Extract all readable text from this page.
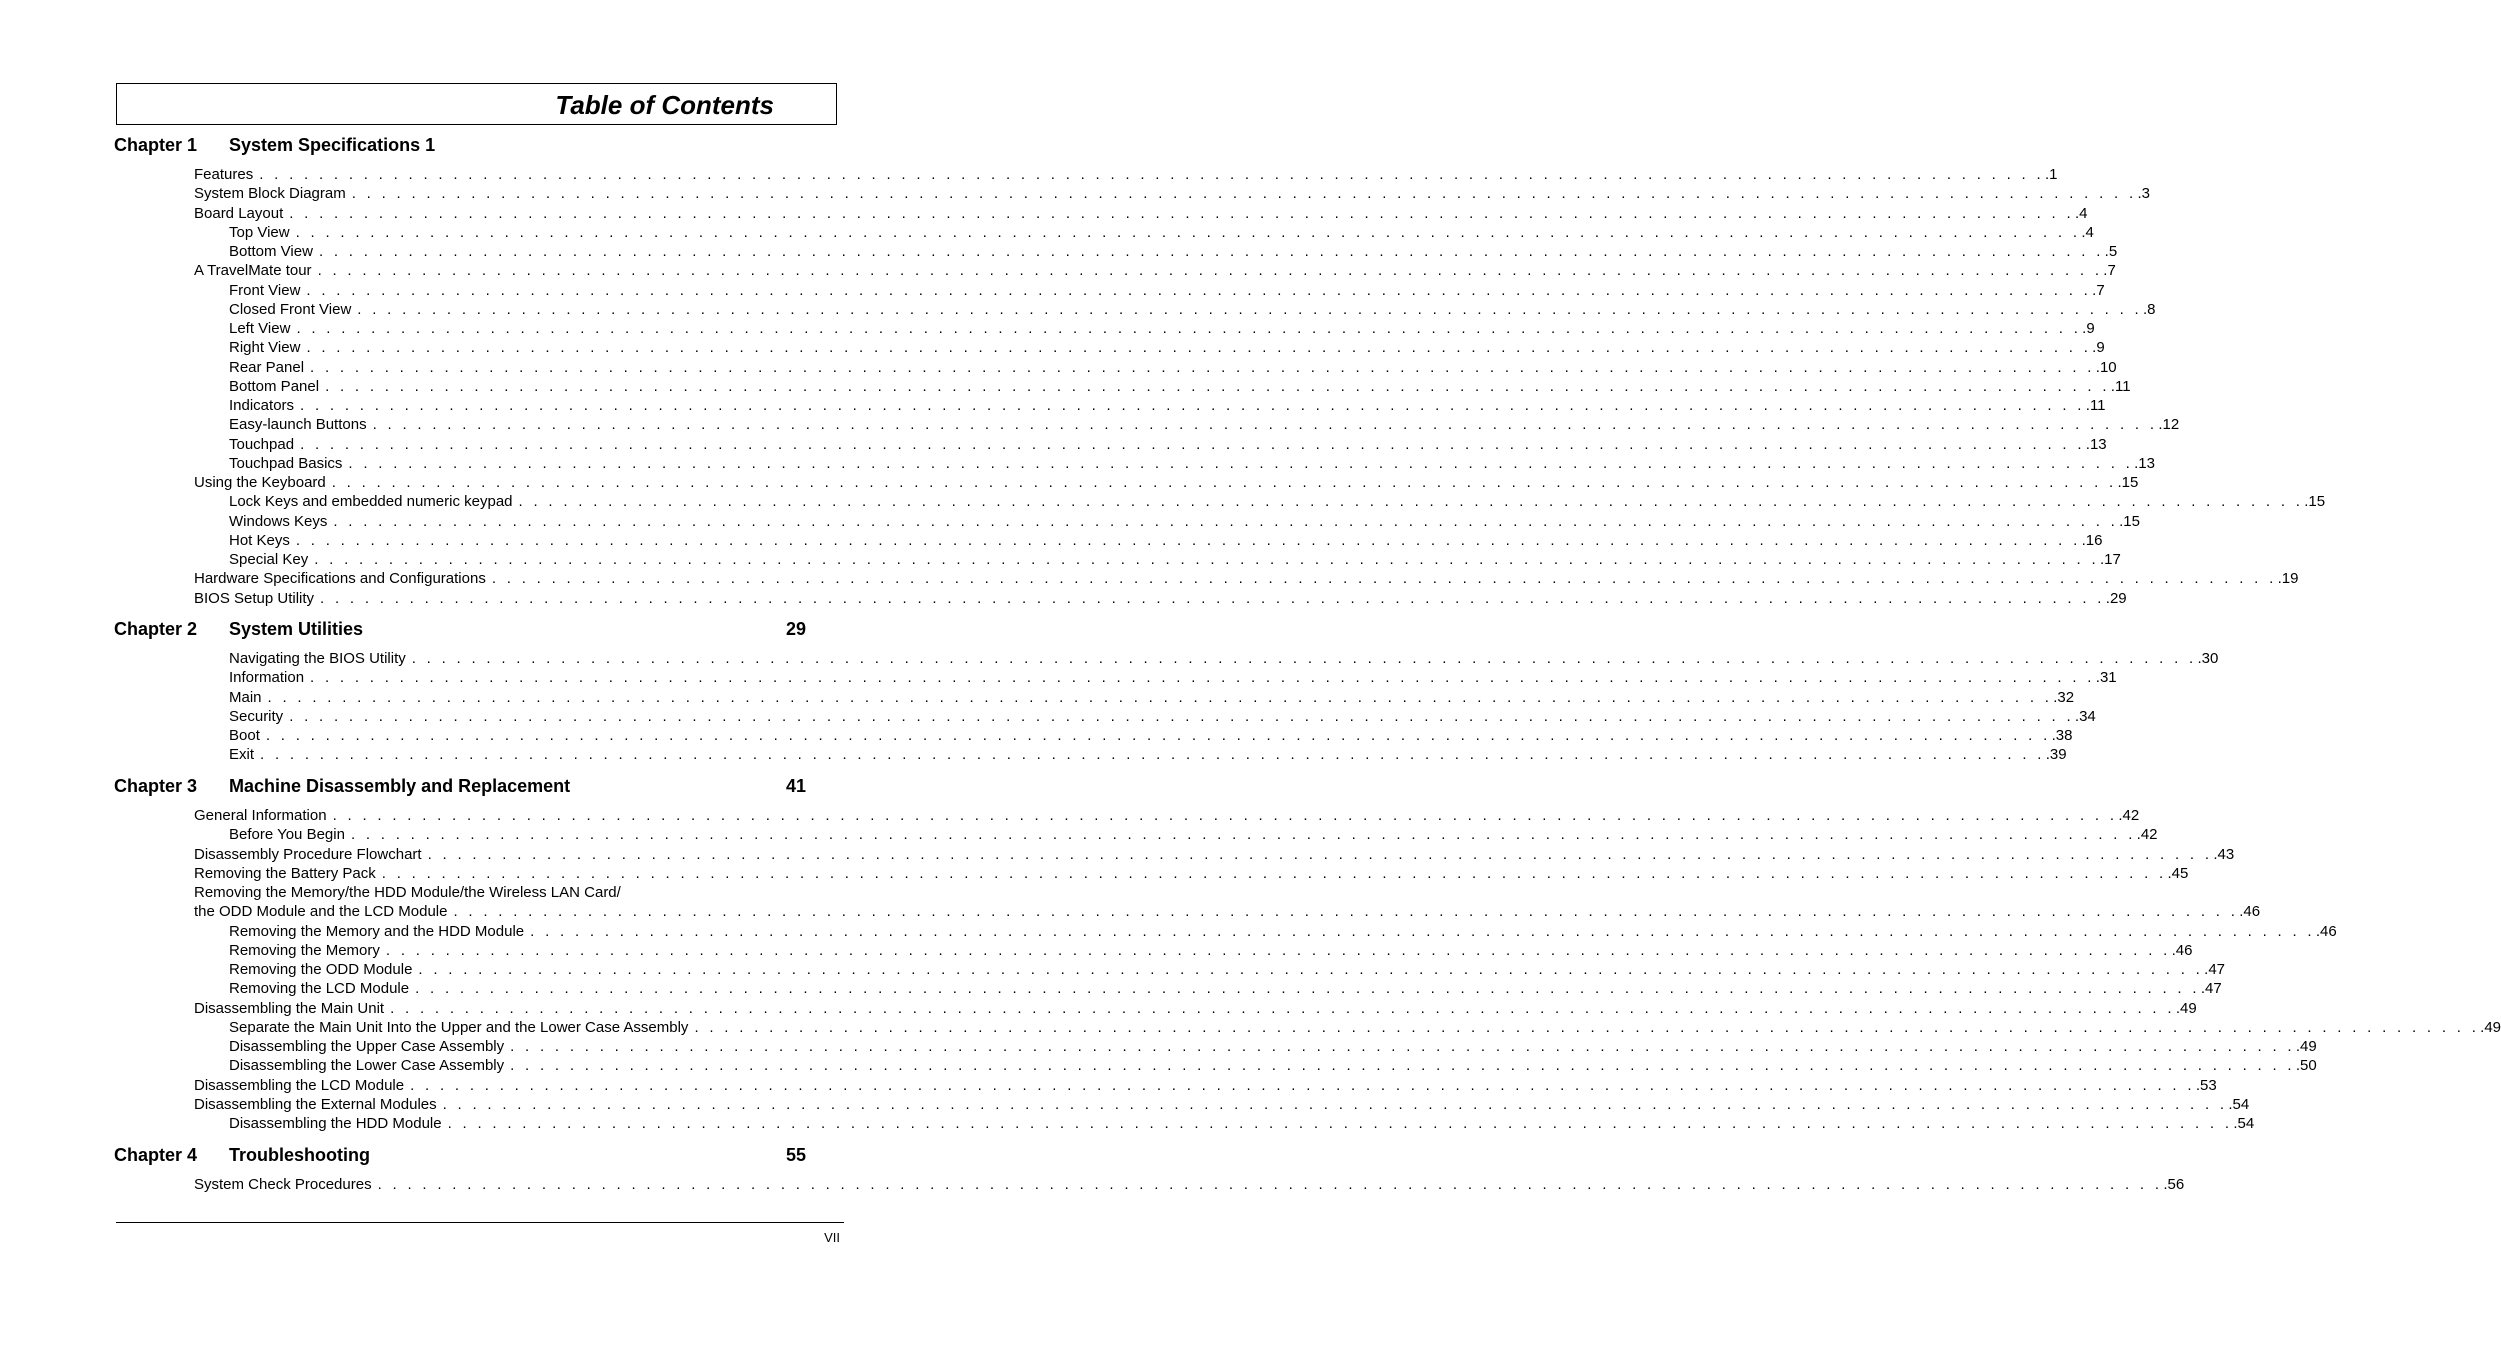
Table of Contents
Chapter 1 System Specifications 1
Features . . . . . . . . . . . . . . . . . . . . . . . . . . . . . . . . . . . . . . . . . . . . . . . . . . . . . . . . . . . . . . . . . . . . . . . . . . . . . . . . . . . . . . . . . . . . . . . . . . . . . . . . . . . . . . . . . . . . . . . . .1
System Block Diagram . . . . . . . . . . . . . . . . . . . . . . . . . . . . . . . . . . . . . . . . . . . . . . . . . . . . . . . . . . . . . . . . . . . . . . . . . . . . . . . . . . . . . . . . . . . . . . . . . . . . . . . . . . . . . . . . . . . . . . . . .3
Board Layout . . . . . . . . . . . . . . . . . . . . . . . . . . . . . . . . . . . . . . . . . . . . . . . . . . . . . . . . . . . . . . . . . . . . . . . . . . . . . . . . . . . . . . . . . . . . . . . . . . . . . . . . . . . . . . . . . . . . . . . . .4
Top View . . . . . . . . . . . . . . . . . . . . . . . . . . . . . . . . . . . . . . . . . . . . . . . . . . . . . . . . . . . . . . . . . . . . . . . . . . . . . . . . . . . . . . . . . . . . . . . . . . . . . . . . . . . . . . . . . . . . . . . . .4
Bottom View . . . . . . . . . . . . . . . . . . . . . . . . . . . . . . . . . . . . . . . . . . . . . . . . . . . . . . . . . . . . . . . . . . . . . . . . . . . . . . . . . . . . . . . . . . . . . . . . . . . . . . . . . . . . . . . . . . . . . . . . .5
A TravelMate tour . . . . . . . . . . . . . . . . . . . . . . . . . . . . . . . . . . . . . . . . . . . . . . . . . . . . . . . . . . . . . . . . . . . . . . . . . . . . . . . . . . . . . . . . . . . . . . . . . . . . . . . . . . . . . . . . . . . . . . . . .7
Front View . . . . . . . . . . . . . . . . . . . . . . . . . . . . . . . . . . . . . . . . . . . . . . . . . . . . . . . . . . . . . . . . . . . . . . . . . . . . . . . . . . . . . . . . . . . . . . . . . . . . . . . . . . . . . . . . . . . . . . . . .7
Closed Front View . . . . . . . . . . . . . . . . . . . . . . . . . . . . . . . . . . . . . . . . . . . . . . . . . . . . . . . . . . . . . . . . . . . . . . . . . . . . . . . . . . . . . . . . . . . . . . . . . . . . . . . . . . . . . . . . . . . . . . . . .8
Left View . . . . . . . . . . . . . . . . . . . . . . . . . . . . . . . . . . . . . . . . . . . . . . . . . . . . . . . . . . . . . . . . . . . . . . . . . . . . . . . . . . . . . . . . . . . . . . . . . . . . . . . . . . . . . . . . . . . . . . . . .9
Right View . . . . . . . . . . . . . . . . . . . . . . . . . . . . . . . . . . . . . . . . . . . . . . . . . . . . . . . . . . . . . . . . . . . . . . . . . . . . . . . . . . . . . . . . . . . . . . . . . . . . . . . . . . . . . . . . . . . . . . . . .9
Rear Panel . . . . . . . . . . . . . . . . . . . . . . . . . . . . . . . . . . . . . . . . . . . . . . . . . . . . . . . . . . . . . . . . . . . . . . . . . . . . . . . . . . . . . . . . . . . . . . . . . . . . . . . . . . . . . . . . . . . . . . . . .10
Bottom Panel . . . . . . . . . . . . . . . . . . . . . . . . . . . . . . . . . . . . . . . . . . . . . . . . . . . . . . . . . . . . . . . . . . . . . . . . . . . . . . . . . . . . . . . . . . . . . . . . . . . . . . . . . . . . . . . . . . . . . . . . .11
Indicators . . . . . . . . . . . . . . . . . . . . . . . . . . . . . . . . . . . . . . . . . . . . . . . . . . . . . . . . . . . . . . . . . . . . . . . . . . . . . . . . . . . . . . . . . . . . . . . . . . . . . . . . . . . . . . . . . . . . . . . . .11
Easy-launch Buttons . . . . . . . . . . . . . . . . . . . . . . . . . . . . . . . . . . . . . . . . . . . . . . . . . . . . . . . . . . . . . . . . . . . . . . . . . . . . . . . . . . . . . . . . . . . . . . . . . . . . . . . . . . . . . . . . . . . . . . . . .12
Touchpad . . . . . . . . . . . . . . . . . . . . . . . . . . . . . . . . . . . . . . . . . . . . . . . . . . . . . . . . . . . . . . . . . . . . . . . . . . . . . . . . . . . . . . . . . . . . . . . . . . . . . . . . . . . . . . . . . . . . . . . . .13
Touchpad Basics . . . . . . . . . . . . . . . . . . . . . . . . . . . . . . . . . . . . . . . . . . . . . . . . . . . . . . . . . . . . . . . . . . . . . . . . . . . . . . . . . . . . . . . . . . . . . . . . . . . . . . . . . . . . . . . . . . . . . . . . .13
Using the Keyboard . . . . . . . . . . . . . . . . . . . . . . . . . . . . . . . . . . . . . . . . . . . . . . . . . . . . . . . . . . . . . . . . . . . . . . . . . . . . . . . . . . . . . . . . . . . . . . . . . . . . . . . . . . . . . . . . . . . . . . . . .15
Lock Keys and embedded numeric keypad . . . . . . . . . . . . . . . . . . . . . . . . . . . . . . . . . . . . . . . . . . . . . . . . . . . . . . . . . . . . . . . . . . . . . . . . . . . . . . . . . . . . . . . . . . . . . . . . . . . . . . . . . . . . . . . . . . . . . . . . .15
Windows Keys . . . . . . . . . . . . . . . . . . . . . . . . . . . . . . . . . . . . . . . . . . . . . . . . . . . . . . . . . . . . . . . . . . . . . . . . . . . . . . . . . . . . . . . . . . . . . . . . . . . . . . . . . . . . . . . . . . . . . . . . .15
Hot Keys . . . . . . . . . . . . . . . . . . . . . . . . . . . . . . . . . . . . . . . . . . . . . . . . . . . . . . . . . . . . . . . . . . . . . . . . . . . . . . . . . . . . . . . . . . . . . . . . . . . . . . . . . . . . . . . . . . . . . . . . .16
Special Key . . . . . . . . . . . . . . . . . . . . . . . . . . . . . . . . . . . . . . . . . . . . . . . . . . . . . . . . . . . . . . . . . . . . . . . . . . . . . . . . . . . . . . . . . . . . . . . . . . . . . . . . . . . . . . . . . . . . . . . . .17
Hardware Specifications and Configurations . . . . . . . . . . . . . . . . . . . . . . . . . . . . . . . . . . . . . . . . . . . . . . . . . . . . . . . . . . . . . . . . . . . . . . . . . . . . . . . . . . . . . . . . . . . . . . . . . . . . . . . . . . . . . . . . . . . . . . . . .19
BIOS Setup Utility . . . . . . . . . . . . . . . . . . . . . . . . . . . . . . . . . . . . . . . . . . . . . . . . . . . . . . . . . . . . . . . . . . . . . . . . . . . . . . . . . . . . . . . . . . . . . . . . . . . . . . . . . . . . . . . . . . . . . . . . .29
Chapter 2 System Utilities	29
Navigating the BIOS Utility . . . . . . . . . . . . . . . . . . . . . . . . . . . . . . . . . . . . . . . . . . . . . . . . . . . . . . . . . . . . . . . . . . . . . . . . . . . . . . . . . . . . . . . . . . . . . . . . . . . . . . . . . . . . . . . . . . . . . . . . .30
Information . . . . . . . . . . . . . . . . . . . . . . . . . . . . . . . . . . . . . . . . . . . . . . . . . . . . . . . . . . . . . . . . . . . . . . . . . . . . . . . . . . . . . . . . . . . . . . . . . . . . . . . . . . . . . . . . . . . . . . . . .31
Main . . . . . . . . . . . . . . . . . . . . . . . . . . . . . . . . . . . . . . . . . . . . . . . . . . . . . . . . . . . . . . . . . . . . . . . . . . . . . . . . . . . . . . . . . . . . . . . . . . . . . . . . . . . . . . . . . . . . . . . . .32
Security . . . . . . . . . . . . . . . . . . . . . . . . . . . . . . . . . . . . . . . . . . . . . . . . . . . . . . . . . . . . . . . . . . . . . . . . . . . . . . . . . . . . . . . . . . . . . . . . . . . . . . . . . . . . . . . . . . . . . . . . .34
Boot . . . . . . . . . . . . . . . . . . . . . . . . . . . . . . . . . . . . . . . . . . . . . . . . . . . . . . . . . . . . . . . . . . . . . . . . . . . . . . . . . . . . . . . . . . . . . . . . . . . . . . . . . . . . . . . . . . . . . . . . .38
Exit . . . . . . . . . . . . . . . . . . . . . . . . . . . . . . . . . . . . . . . . . . . . . . . . . . . . . . . . . . . . . . . . . . . . . . . . . . . . . . . . . . . . . . . . . . . . . . . . . . . . . . . . . . . . . . . . . . . . . . . . .39
Chapter 3 Machine Disassembly and Replacement	41
General Information . . . . . . . . . . . . . . . . . . . . . . . . . . . . . . . . . . . . . . . . . . . . . . . . . . . . . . . . . . . . . . . . . . . . . . . . . . . . . . . . . . . . . . . . . . . . . . . . . . . . . . . . . . . . . . . . . . . . . . . . .42
Before You Begin . . . . . . . . . . . . . . . . . . . . . . . . . . . . . . . . . . . . . . . . . . . . . . . . . . . . . . . . . . . . . . . . . . . . . . . . . . . . . . . . . . . . . . . . . . . . . . . . . . . . . . . . . . . . . . . . . . . . . . . . .42
Disassembly Procedure Flowchart . . . . . . . . . . . . . . . . . . . . . . . . . . . . . . . . . . . . . . . . . . . . . . . . . . . . . . . . . . . . . . . . . . . . . . . . . . . . . . . . . . . . . . . . . . . . . . . . . . . . . . . . . . . . . . . . . . . . . . . . .43
Removing the Battery Pack . . . . . . . . . . . . . . . . . . . . . . . . . . . . . . . . . . . . . . . . . . . . . . . . . . . . . . . . . . . . . . . . . . . . . . . . . . . . . . . . . . . . . . . . . . . . . . . . . . . . . . . . . . . . . . . . . . . . . . . . .45
Removing the Memory/the HDD Module/the Wireless LAN Card/
the ODD Module and the LCD Module . . . . . . . . . . . . . . . . . . . . . . . . . . . . . . . . . . . . . . . . . . . . . . . . . . . . . . . . . . . . . . . . . . . . . . . . . . . . . . . . . . . . . . . . . . . . . . . . . . . . . . . . . . . . . . . . . . . . . . . . .46
Removing the Memory and the HDD Module . . . . . . . . . . . . . . . . . . . . . . . . . . . . . . . . . . . . . . . . . . . . . . . . . . . . . . . . . . . . . . . . . . . . . . . . . . . . . . . . . . . . . . . . . . . . . . . . . . . . . . . . . . . . . . . . . . . . . . . . .46
Removing the Memory . . . . . . . . . . . . . . . . . . . . . . . . . . . . . . . . . . . . . . . . . . . . . . . . . . . . . . . . . . . . . . . . . . . . . . . . . . . . . . . . . . . . . . . . . . . . . . . . . . . . . . . . . . . . . . . . . . . . . . . . .46
Removing the ODD Module . . . . . . . . . . . . . . . . . . . . . . . . . . . . . . . . . . . . . . . . . . . . . . . . . . . . . . . . . . . . . . . . . . . . . . . . . . . . . . . . . . . . . . . . . . . . . . . . . . . . . . . . . . . . . . . . . . . . . . . . .47
Removing the LCD Module . . . . . . . . . . . . . . . . . . . . . . . . . . . . . . . . . . . . . . . . . . . . . . . . . . . . . . . . . . . . . . . . . . . . . . . . . . . . . . . . . . . . . . . . . . . . . . . . . . . . . . . . . . . . . . . . . . . . . . . . .47
Disassembling the Main Unit . . . . . . . . . . . . . . . . . . . . . . . . . . . . . . . . . . . . . . . . . . . . . . . . . . . . . . . . . . . . . . . . . . . . . . . . . . . . . . . . . . . . . . . . . . . . . . . . . . . . . . . . . . . . . . . . . . . . . . . . .49
Separate the Main Unit Into the Upper and the Lower Case Assembly . . . . . . . . . . . . . . . . . . . . . . . . . . . . . . . . . . . . . . . . . . . . . . . . . . . . . . . . . . . . . . . . . . . . . . . . . . . . . . . . . . . . . . . . . . . . . . . . . . . . . . . . . . . . . . . . . . . . . . . . .49
Disassembling the Upper Case Assembly . . . . . . . . . . . . . . . . . . . . . . . . . . . . . . . . . . . . . . . . . . . . . . . . . . . . . . . . . . . . . . . . . . . . . . . . . . . . . . . . . . . . . . . . . . . . . . . . . . . . . . . . . . . . . . . . . . . . . . . . .49
Disassembling the Lower Case Assembly . . . . . . . . . . . . . . . . . . . . . . . . . . . . . . . . . . . . . . . . . . . . . . . . . . . . . . . . . . . . . . . . . . . . . . . . . . . . . . . . . . . . . . . . . . . . . . . . . . . . . . . . . . . . . . . . . . . . . . . . .50
Disassembling the LCD Module . . . . . . . . . . . . . . . . . . . . . . . . . . . . . . . . . . . . . . . . . . . . . . . . . . . . . . . . . . . . . . . . . . . . . . . . . . . . . . . . . . . . . . . . . . . . . . . . . . . . . . . . . . . . . . . . . . . . . . . . .53
Disassembling the External Modules . . . . . . . . . . . . . . . . . . . . . . . . . . . . . . . . . . . . . . . . . . . . . . . . . . . . . . . . . . . . . . . . . . . . . . . . . . . . . . . . . . . . . . . . . . . . . . . . . . . . . . . . . . . . . . . . . . . . . . . . .54
Disassembling the HDD Module . . . . . . . . . . . . . . . . . . . . . . . . . . . . . . . . . . . . . . . . . . . . . . . . . . . . . . . . . . . . . . . . . . . . . . . . . . . . . . . . . . . . . . . . . . . . . . . . . . . . . . . . . . . . . . . . . . . . . . . . .54
Chapter 4 Troubleshooting	55
System Check Procedures . . . . . . . . . . . . . . . . . . . . . . . . . . . . . . . . . . . . . . . . . . . . . . . . . . . . . . . . . . . . . . . . . . . . . . . . . . . . . . . . . . . . . . . . . . . . . . . . . . . . . . . . . . . . . . . . . . . . . . . . .56
VII
